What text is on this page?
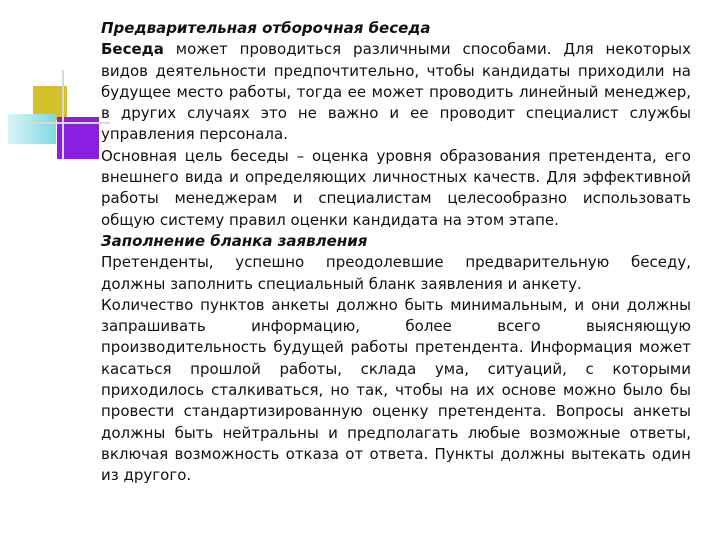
Предварительная отборочная беседа

Беседа может проводиться различными способами. Для некоторых видов деятельности предпочтительно, чтобы кандидаты приходили на будущее место работы, тогда ее может проводить линейный менеджер, в других случаях это не важно и ее проводит специалист службы управления персонала.

Основная цель беседы – оценка уровня образования претендента, его внешнего вида и определяющих личностных качеств. Для эффективной работы менеджерам и специалистам целесообразно использовать общую систему правил оценки кандидата на этом этапе.

Заполнение бланка заявления

Претенденты, успешно преодолевшие предварительную беседу, должны заполнить специальный бланк заявления и анкету.

Количество пунктов анкеты должно быть минимальным, и они должны запрашивать информацию, более всего выясняющую производительность будущей работы претендента. Информация может касаться прошлой работы, склада ума, ситуаций, с которыми приходилось сталкиваться, но так, чтобы на их основе можно было бы провести стандартизированную оценку претендента. Вопросы анкеты должны быть нейтральны и предполагать любые возможные ответы, включая возможность отказа от ответа. Пункты должны вытекать один из другого.
